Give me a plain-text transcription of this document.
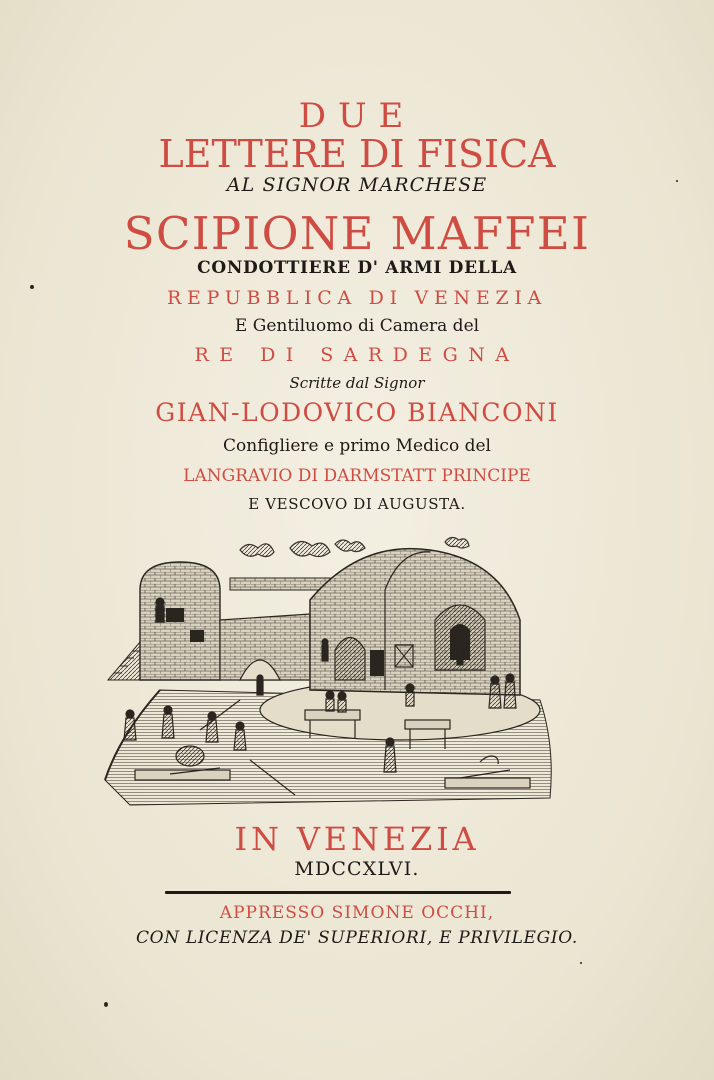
DUE

LETTERE DI FISICA

AL SIGNOR MARCHESE

SCIPIONE MAFFEI

CONDOTTIERE D' ARMI DELLA

REPUBBLICA DI VENEZIA

E Gentiluomo di Camera del

RE DI SARDEGNA

Scritte dal Signor

GIAN-LODOVICO BIANCONI

Configliere e primo Medico del

LANGRAVIO DI DARMSTATT PRINCIPE

E VESCOVO DI AUGUSTA.

IN VENEZIA

MDCCXLVI.

APPRESSO SIMONE OCCHI,

CON LICENZA DE' SUPERIORI, E PRIVILEGIO.
